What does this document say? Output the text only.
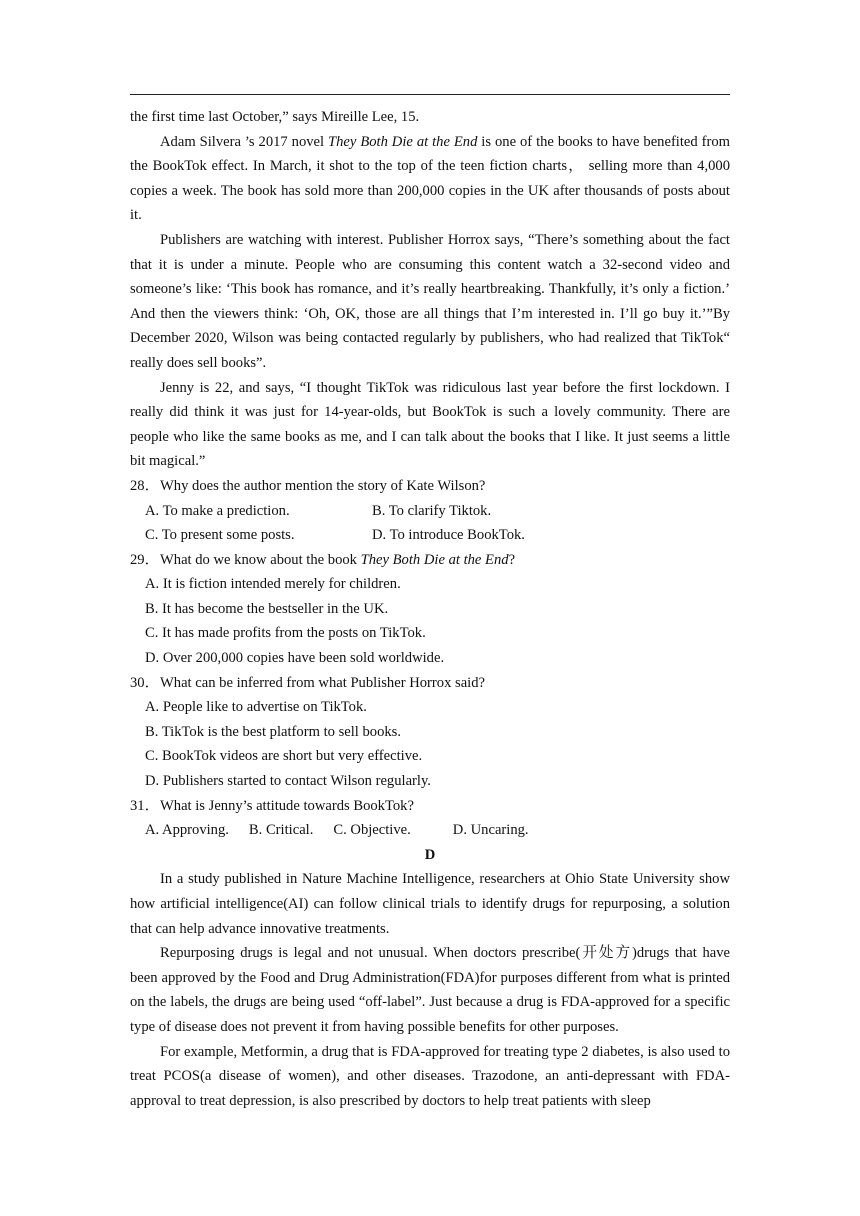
the first time last October,” says Mireille Lee, 15.

Adam Silvera ’s 2017 novel They Both Die at the End is one of the books to have benefited from the BookTok effect. In March, it shot to the top of the teen fiction charts， selling more than 4,000 copies a week. The book has sold more than 200,000 copies in the UK after thousands of posts about it.

Publishers are watching with interest. Publisher Horrox says, “There’s something about the fact that it is under a minute. People who are consuming this content watch a 32-second video and someone’s like: ‘This book has romance, and it’s really heartbreaking. Thankfully, it’s only a fiction.’ And then the viewers think: ‘Oh, OK, those are all things that I’m interested in. I’ll go buy it.’”By December 2020, Wilson was being contacted regularly by publishers, who had realized that TikTok“ really does sell books”.

Jenny is 22, and says, “I thought TikTok was ridiculous last year before the first lockdown. I really did think it was just for 14-year-olds, but BookTok is such a lovely community. There are people who like the same books as me, and I can talk about the books that I like. It just seems a little bit magical.”

28．Why does the author mention the story of Kate Wilson?
A. To make a prediction.	B. To clarify Tiktok.
C. To present some posts.	D. To introduce BookTok.
29．What do we know about the book They Both Die at the End?
A. It is fiction intended merely for children.
B. It has become the bestseller in the UK.
C. It has made profits from the posts on TikTok.
D. Over 200,000 copies have been sold worldwide.
30．What can be inferred from what Publisher Horrox said?
A. People like to advertise on TikTok.
B. TikTok is the best platform to sell books.
C. BookTok videos are short but very effective.
D. Publishers started to contact Wilson regularly.
31．What is Jenny’s attitude towards BookTok?
A. Approving. B. Critical. C. Objective.	D. Uncaring.

D

In a study published in Nature Machine Intelligence, researchers at Ohio State University show how artificial intelligence(AI) can follow clinical trials to identify drugs for repurposing, a solution that can help advance innovative treatments.

Repurposing drugs is legal and not unusual. When doctors prescribe(开处方)drugs that have been approved by the Food and Drug Administration(FDA)for purposes different from what is printed on the labels, the drugs are being used “off-label”. Just because a drug is FDA-approved for a specific type of disease does not prevent it from having possible benefits for other purposes.

For example, Metformin, a drug that is FDA-approved for treating type 2 diabetes, is also used to treat PCOS(a disease of women), and other diseases. Trazodone, an anti-depressant with FDA-approval to treat depression, is also prescribed by doctors to help treat patients with sleep
